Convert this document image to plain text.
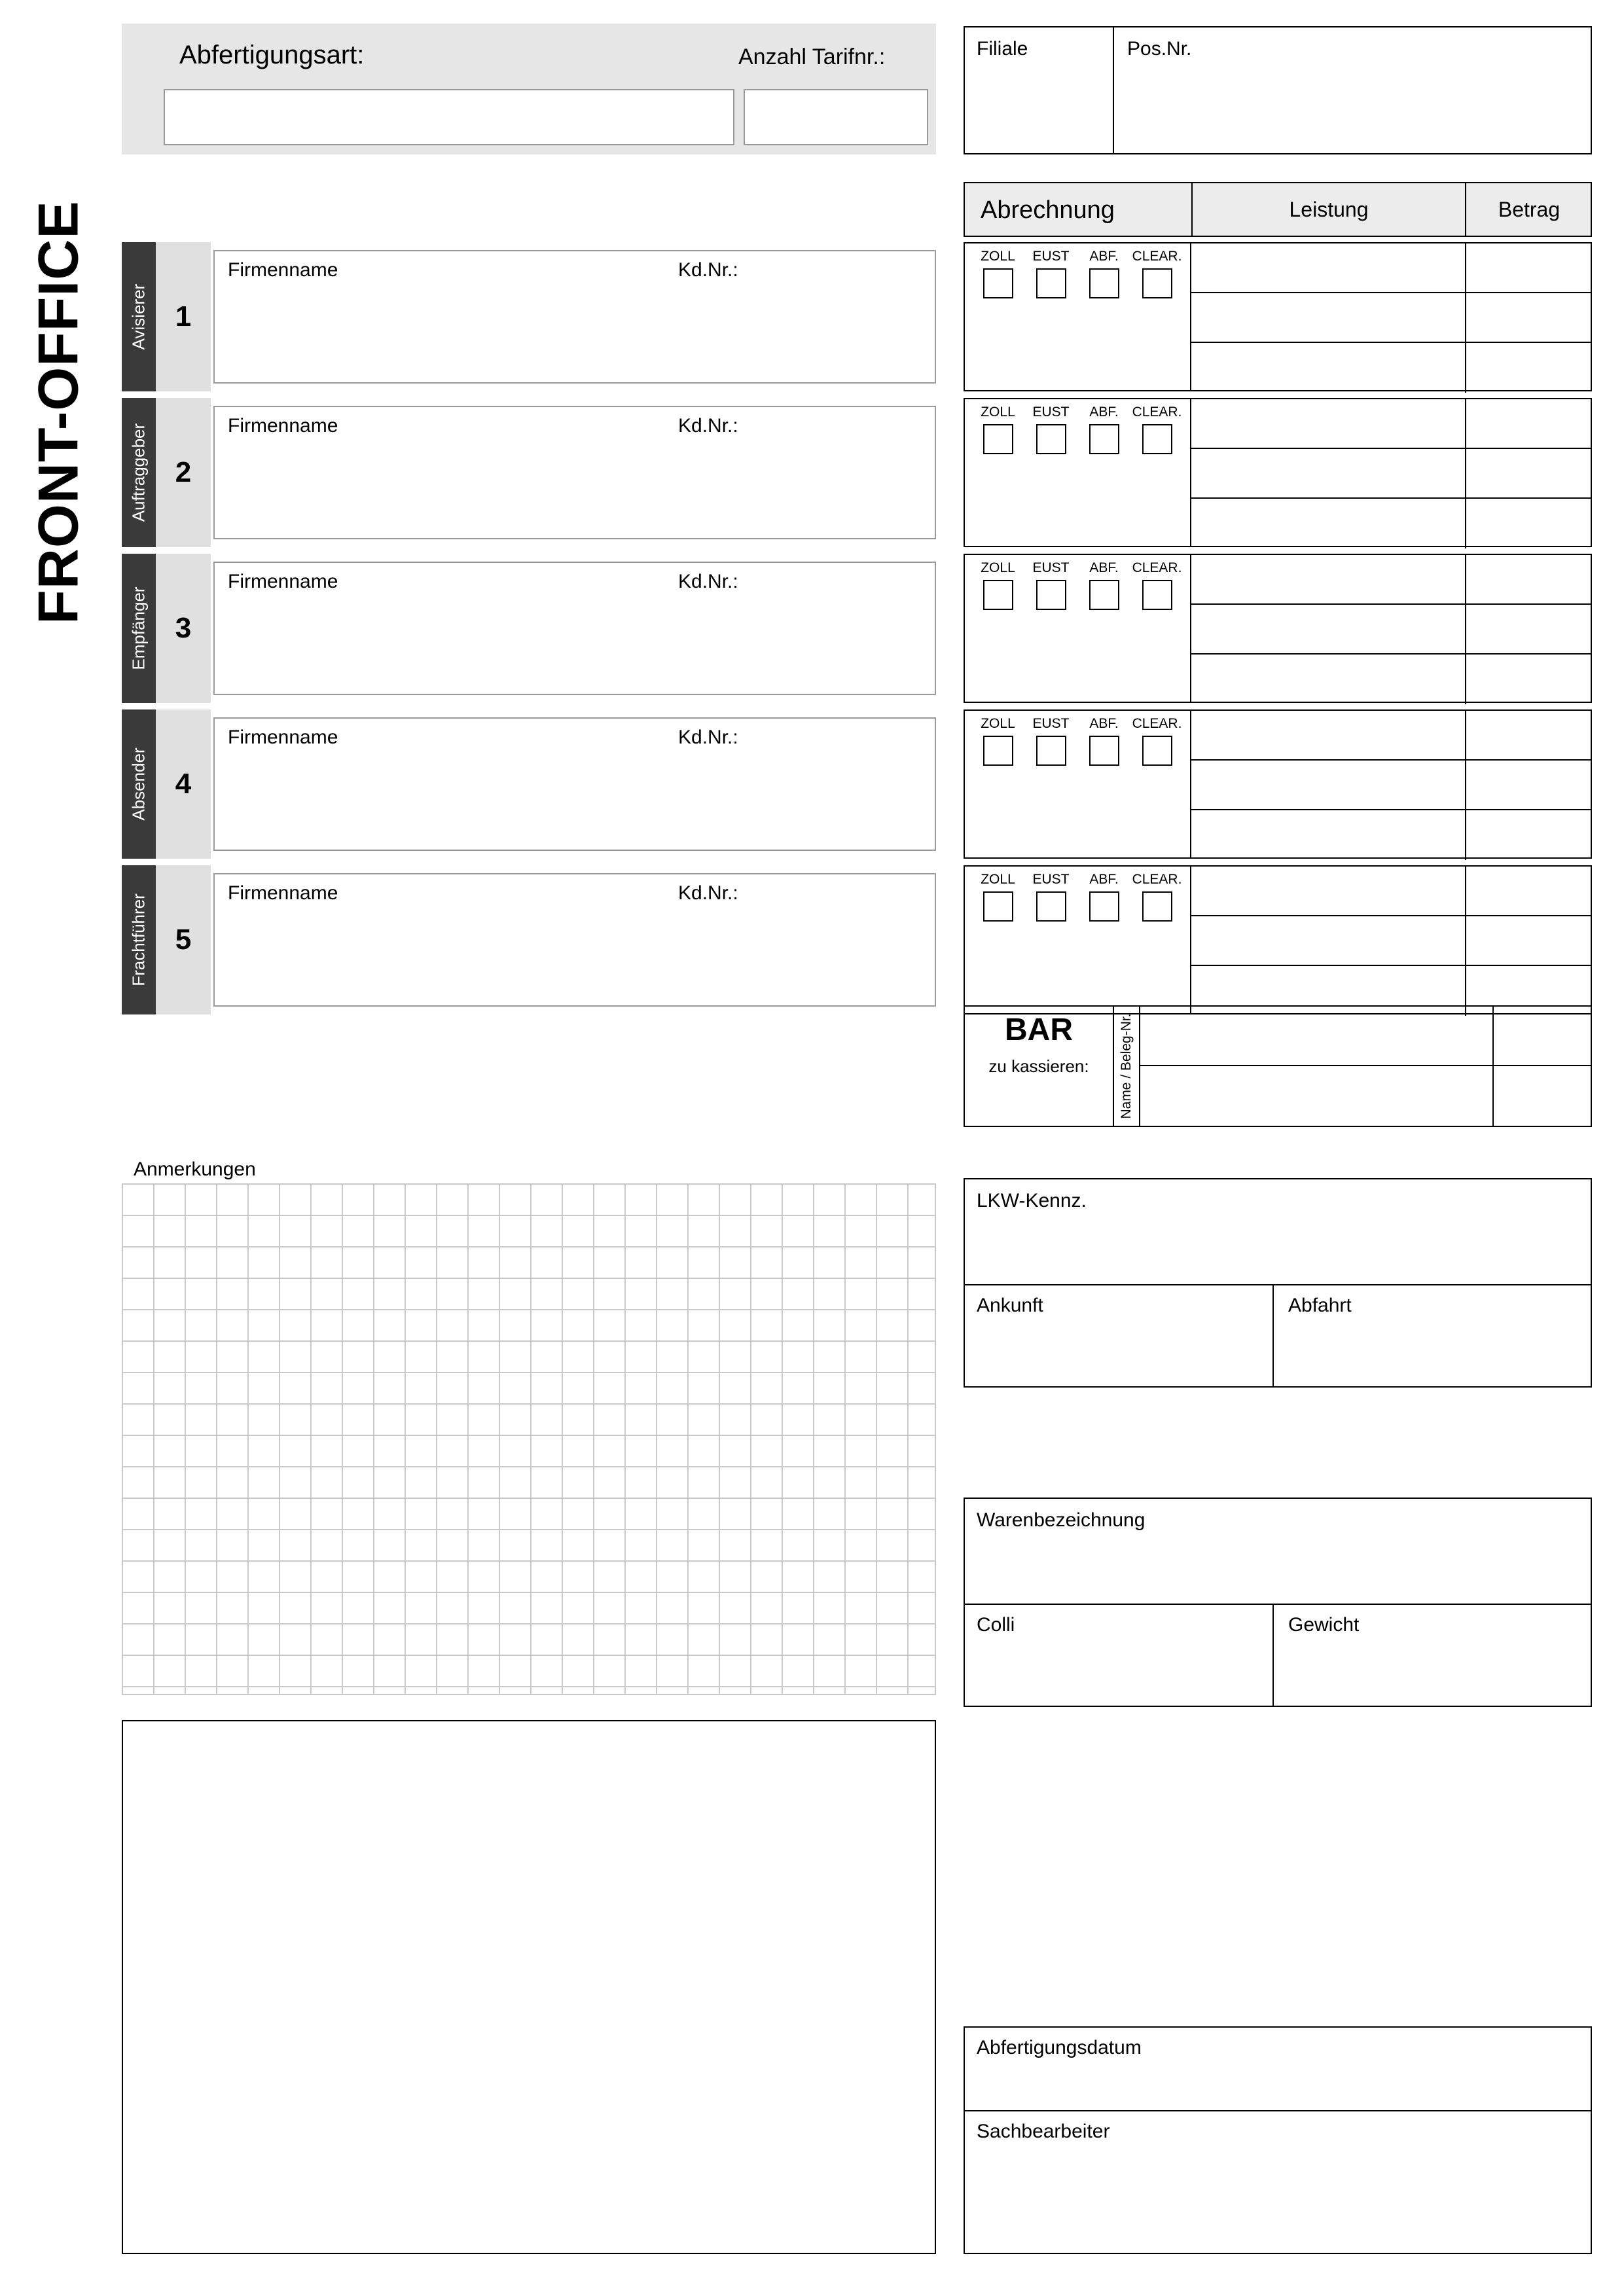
FRONT-OFFICE
Abfertigungsart:	Anzahl Tarifnr.:	Filiale	Pos.Nr.
Abrechnung	Leistung	Betrag
Avisierer 1
Firmenname	Kd.Nr.:
Auftraggeber 2
Firmenname	Kd.Nr.:
Empfänger 3
Firmenname	Kd.Nr.:
Absender 4
Firmenname	Kd.Nr.:
Frachtführer 5
Firmenname	Kd.Nr.:
ZOLL	EUST	ABF. CLEAR.
ZOLL	EUST	ABF. CLEAR.
ZOLL	EUST	ABF. CLEAR.
ZOLL	EUST	ABF. CLEAR.
ZOLL	EUST	ABF. CLEAR.
BAR
zu kassieren:	Name / Beleg-Nr.
Anmerkungen
LKW-Kennz.
Ankunft	Abfahrt
Warenbezeichnung
Colli	Gewicht
Abfertigungsdatum
Sachbearbeiter
